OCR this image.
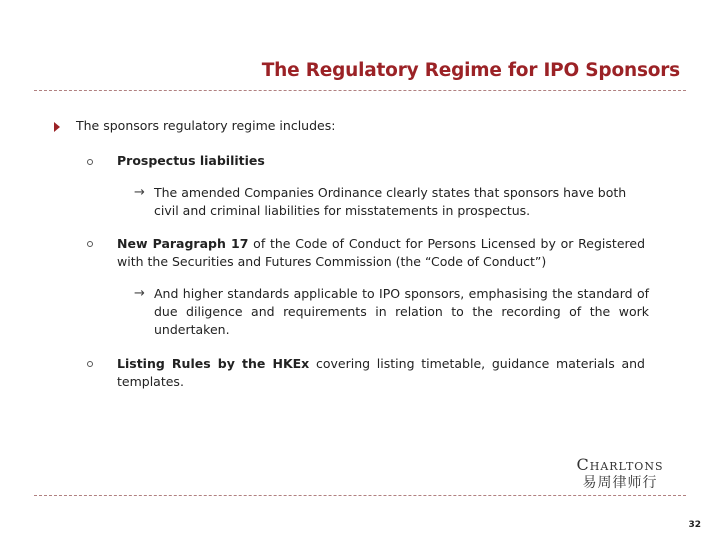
The Regulatory Regime for IPO Sponsors
The sponsors regulatory regime includes:
Prospectus liabilities
→ The amended Companies Ordinance clearly states that sponsors have both civil and criminal liabilities for misstatements in prospectus.
New Paragraph 17 of the Code of Conduct for Persons Licensed by or Registered with the Securities and Futures Commission (the “Code of Conduct”)
→ And higher standards applicable to IPO sponsors, emphasising the standard of due diligence and requirements in relation to the recording of the work undertaken.
Listing Rules by the HKEx covering listing timetable, guidance materials and templates.
Charltons
易周律师行
32
